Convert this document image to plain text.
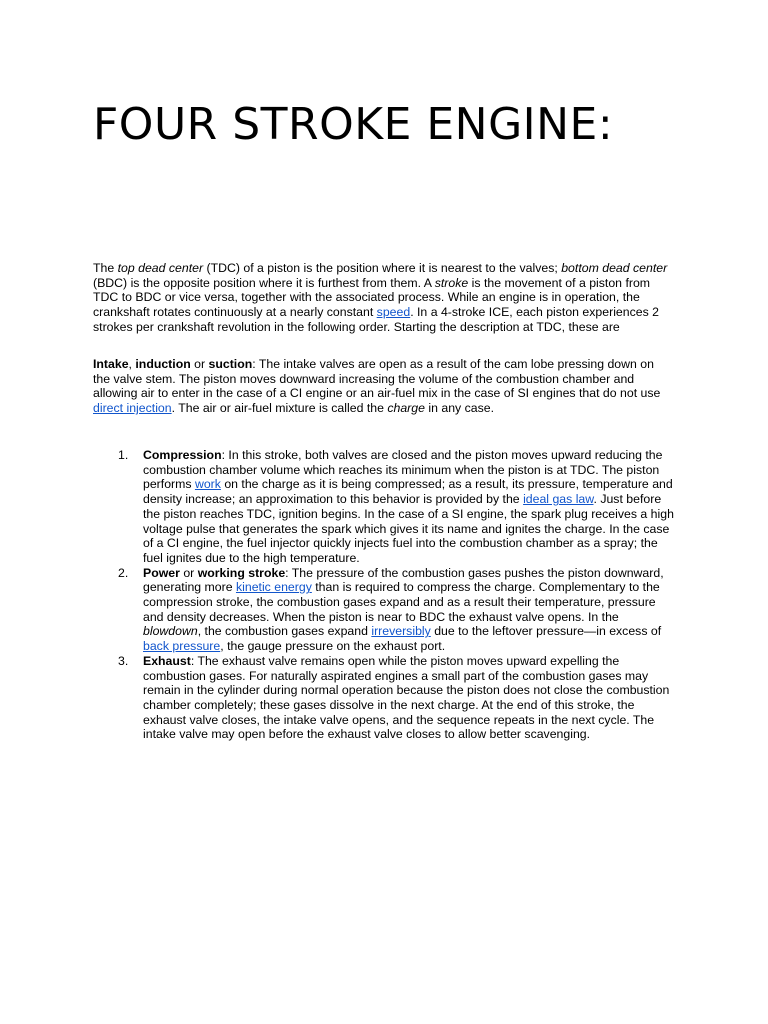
FOUR STROKE ENGINE:

The top dead center (TDC) of a piston is the position where it is nearest to the valves; bottom dead center (BDC) is the opposite position where it is furthest from them. A stroke is the movement of a piston from TDC to BDC or vice versa, together with the associated process. While an engine is in operation, the crankshaft rotates continuously at a nearly constant speed. In a 4-stroke ICE, each piston experiences 2 strokes per crankshaft revolution in the following order. Starting the description at TDC, these are

Intake, induction or suction: The intake valves are open as a result of the cam lobe pressing down on the valve stem. The piston moves downward increasing the volume of the combustion chamber and allowing air to enter in the case of a CI engine or an air-fuel mix in the case of SI engines that do not use direct injection. The air or air-fuel mixture is called the charge in any case.

1.	Compression: In this stroke, both valves are closed and the piston moves upward reducing the combustion chamber volume which reaches its minimum when the piston is at TDC. The piston performs work on the charge as it is being compressed; as a result, its pressure, temperature and density increase; an approximation to this behavior is provided by the ideal gas law. Just before the piston reaches TDC, ignition begins. In the case of a SI engine, the spark plug receives a high voltage pulse that generates the spark which gives it its name and ignites the charge. In the case of a CI engine, the fuel injector quickly injects fuel into the combustion chamber as a spray; the fuel ignites due to the high temperature.
2.	Power or working stroke: The pressure of the combustion gases pushes the piston downward, generating more kinetic energy than is required to compress the charge. Complementary to the compression stroke, the combustion gases expand and as a result their temperature, pressure and density decreases. When the piston is near to BDC the exhaust valve opens. In the blowdown, the combustion gases expand irreversibly due to the leftover pressure—in excess of back pressure, the gauge pressure on the exhaust port.
3.	Exhaust: The exhaust valve remains open while the piston moves upward expelling the combustion gases. For naturally aspirated engines a small part of the combustion gases may remain in the cylinder during normal operation because the piston does not close the combustion chamber completely; these gases dissolve in the next charge. At the end of this stroke, the exhaust valve closes, the intake valve opens, and the sequence repeats in the next cycle. The intake valve may open before the exhaust valve closes to allow better scavenging.
